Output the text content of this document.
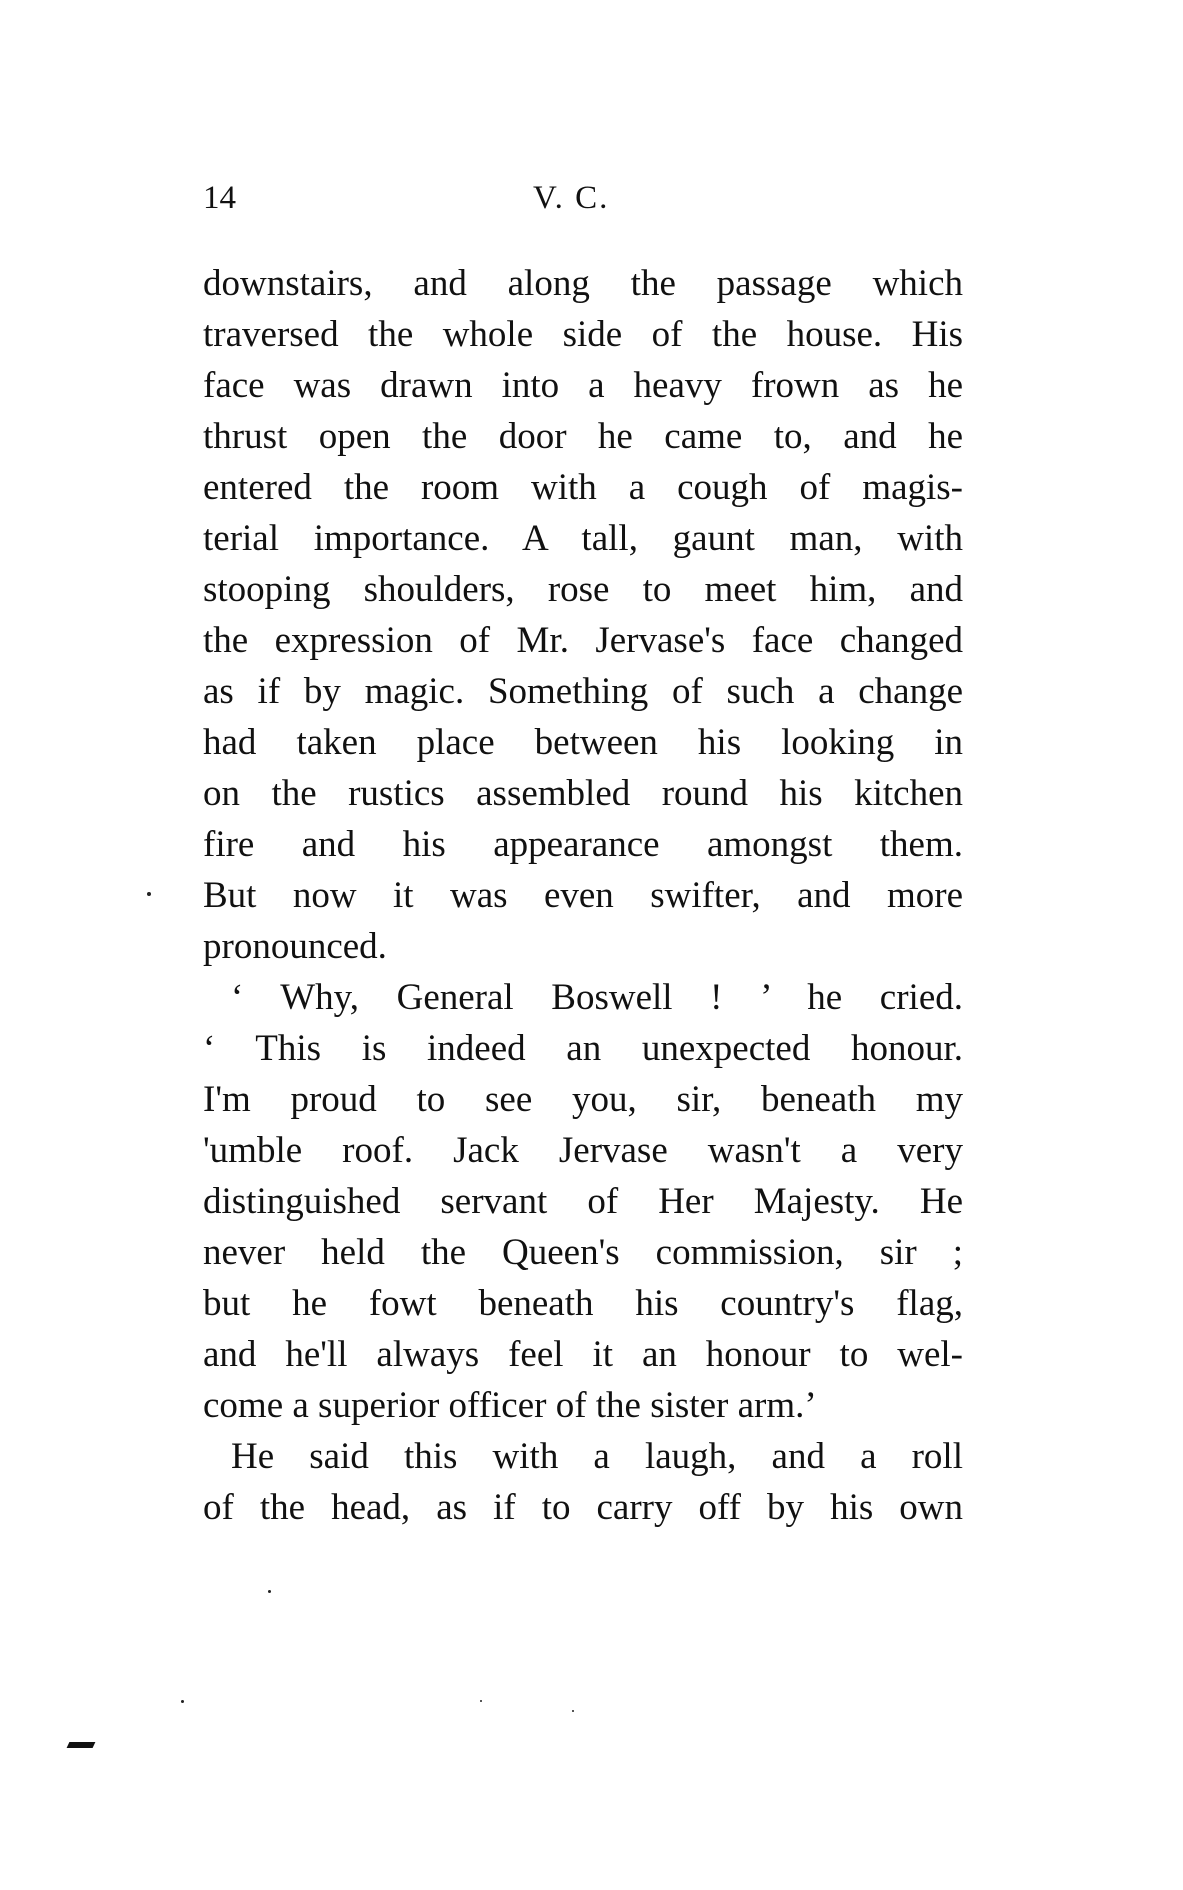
14	V. C.
downstairs, and along the passage which
traversed the whole side of the house. His
face was drawn into a heavy frown as he
thrust open the door he came to, and he
entered the room with a cough of magis-
terial importance. A tall, gaunt man, with
stooping shoulders, rose to meet him, and
the expression of Mr. Jervase's face changed
as if by magic. Something of such a change
had taken place between his looking in
on the rustics assembled round his kitchen
fire and his appearance amongst them.
But now it was even swifter, and more
pronounced.
‘ Why, General Boswell ! ’ he cried.
‘ This is indeed an unexpected honour.
I'm proud to see you, sir, beneath my
'umble roof. Jack Jervase wasn't a very
distinguished servant of Her Majesty. He
never held the Queen's commission, sir ;
but he fowt beneath his country's flag,
and he'll always feel it an honour to wel-
come a superior officer of the sister arm.’
He said this with a laugh, and a roll
of the head, as if to carry off by his own
